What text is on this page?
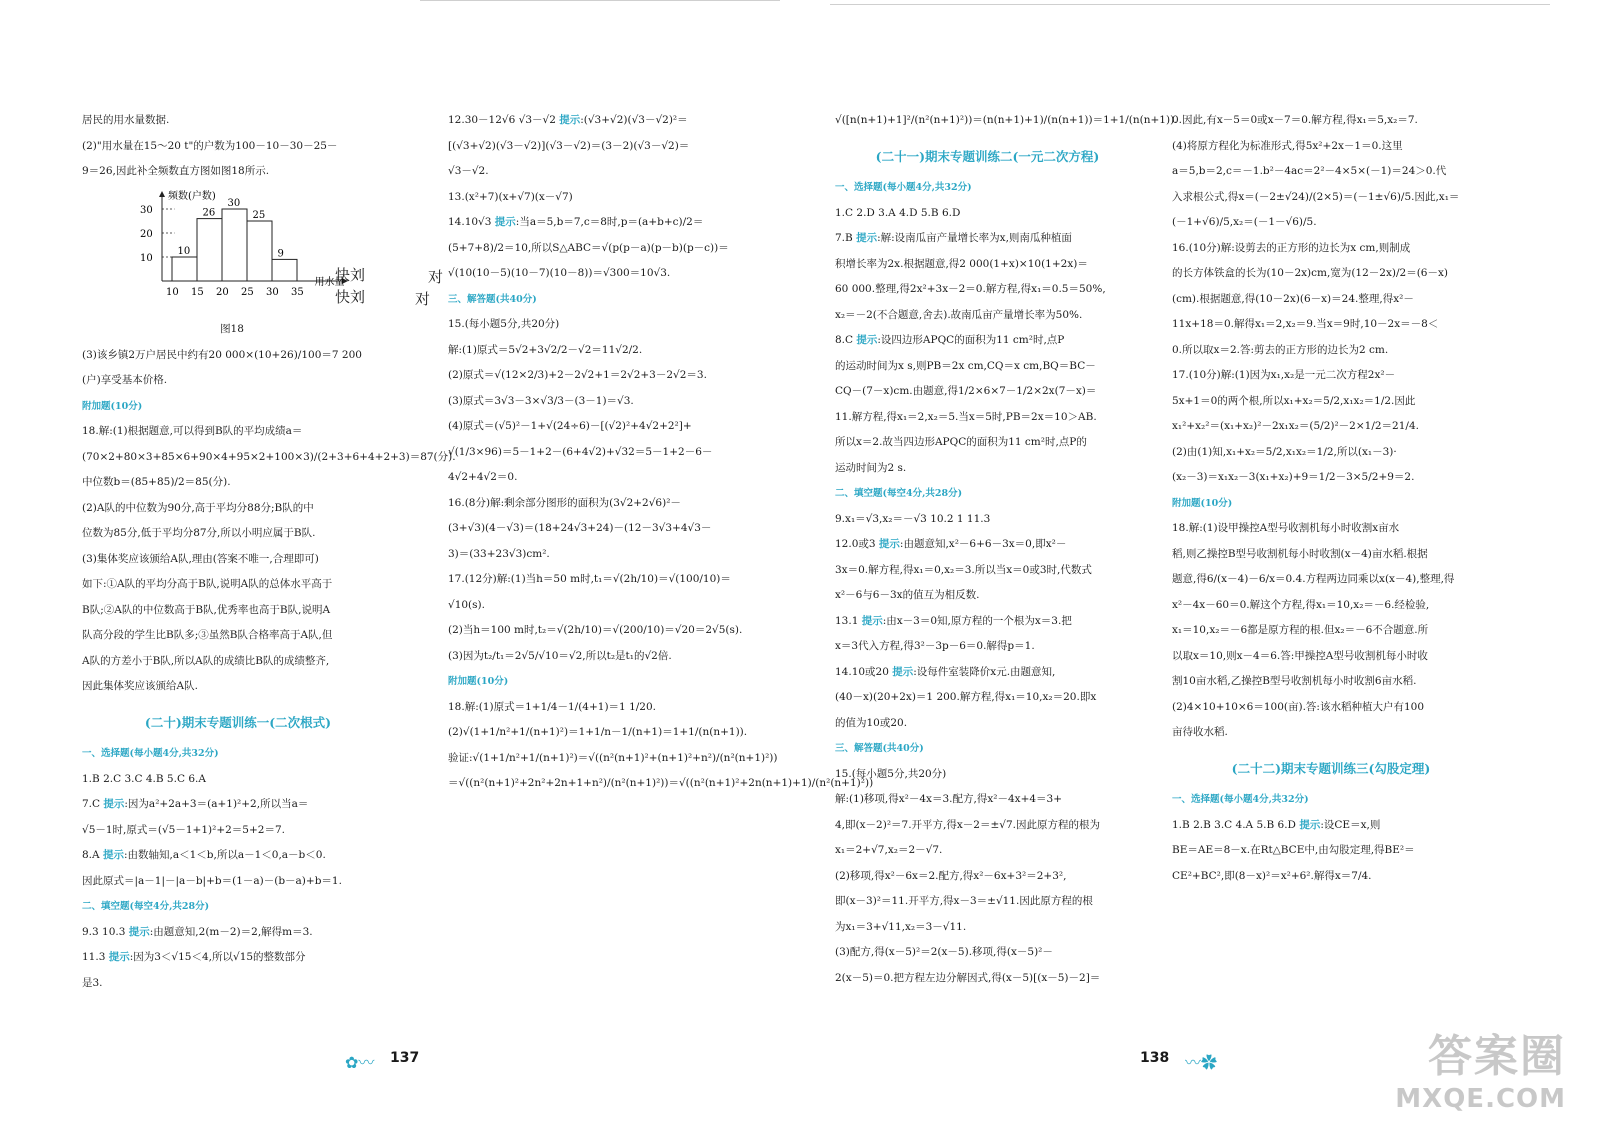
居民的用水量数据.
(2)"用水量在15～20 t"的户数为100－10－30－25－
9＝26,因此补全频数直方图如图18所示.
频数(户数)
用水量
10
20
30
10 15 20 25 30 35
10
26
30
25
9
图18
(3)该乡镇2万户居民中约有20 000×(10+26)/100＝7 200
(户)享受基本价格.
附加题(10分)
18.解:(1)根据题意,可以得到B队的平均成绩a＝
(70×2+80×3+85×6+90×4+95×2+100×3)/(2+3+6+4+2+3)＝87(分).
中位数b＝(85+85)/2＝85(分).
(2)A队的中位数为90分,高于平均分88分;B队的中
位数为85分,低于平均分87分,所以小明应属于B队.
(3)集体奖应该颁给A队,理由(答案不唯一,合理即可)
如下:①A队的平均分高于B队,说明A队的总体水平高于
B队;②A队的中位数高于B队,优秀率也高于B队,说明A
队高分段的学生比B队多;③虽然B队合格率高于A队,但
A队的方差小于B队,所以A队的成绩比B队的成绩整齐,
因此集体奖应该颁给A队.
(二十)期末专题训练一(二次根式)
一、选择题(每小题4分,共32分)
1.B 2.C 3.C 4.B 5.C 6.A
7.C 提示:因为a²+2a+3＝(a+1)²+2,所以当a＝
√5－1时,原式＝(√5－1+1)²+2＝5+2＝7.
8.A 提示:由数轴知,a＜1＜b,所以a－1＜0,a－b＜0.
因此原式＝|a－1|－|a－b|+b＝(1－a)－(b－a)+b＝1.
二、填空题(每空4分,共28分)
9.3 10.3 提示:由题意知,2(m－2)＝2,解得m＝3.
11.3 提示:因为3＜√15＜4,所以√15的整数部分
是3.
12.30－12√6 √3－√2 提示:(√3+√2)(√3－√2)²＝
[(√3+√2)(√3－√2)](√3－√2)＝(3－2)(√3－√2)＝
√3－√2.
13.(x²+7)(x+√7)(x－√7)
14.10√3 提示:当a＝5,b＝7,c＝8时,p＝(a+b+c)/2＝
(5+7+8)/2＝10,所以S△ABC＝√(p(p－a)(p－b)(p－c))＝
√(10(10－5)(10－7)(10－8))＝√300＝10√3.
三、解答题(共40分)
15.(每小题5分,共20分)
解:(1)原式＝5√2+3√2/2－√2＝11√2/2.
(2)原式＝√(12×2/3)+2－2√2+1＝2√2+3－2√2＝3.
(3)原式＝3√3－3×√3/3－(3－1)＝√3.
(4)原式＝(√5)²－1+√(24÷6)－[(√2)²+4√2+2²]+
√(1/3×96)＝5－1+2－(6+4√2)+√32＝5－1+2－6－
4√2+4√2＝0.
16.(8分)解:剩余部分图形的面积为(3√2+2√6)²－
(3+√3)(4－√3)＝(18+24√3+24)－(12－3√3+4√3－
3)＝(33+23√3)cm².
17.(12分)解:(1)当h＝50 m时,t₁＝√(2h/10)＝√(100/10)＝
√10(s).
(2)当h＝100 m时,t₂＝√(2h/10)＝√(200/10)＝√20＝2√5(s).
(3)因为t₂/t₁＝2√5/√10＝√2,所以t₂是t₁的√2倍.
附加题(10分)
18.解:(1)原式＝1+1/4－1/(4+1)＝1 1/20.
(2)√(1+1/n²+1/(n+1)²)＝1+1/n－1/(n+1)＝1+1/(n(n+1)).
验证:√(1+1/n²+1/(n+1)²)＝√((n²(n+1)²+(n+1)²+n²)/(n²(n+1)²))
＝√((n²(n+1)²+2n²+2n+1+n²)/(n²(n+1)²))＝√((n²(n+1)²+2n(n+1)+1)/(n²(n+1)²))
√([n(n+1)+1]²/(n²(n+1)²))＝(n(n+1)+1)/(n(n+1))＝1+1/(n(n+1)).
(二十一)期末专题训练二(一元二次方程)
一、选择题(每小题4分,共32分)
1.C 2.D 3.A 4.D 5.B 6.D
7.B 提示:解:设南瓜亩产量增长率为x,则南瓜种植面
积增长率为2x.根据题意,得2 000(1+x)×10(1+2x)＝
60 000.整理,得2x²+3x－2＝0.解方程,得x₁＝0.5＝50%,
x₂＝－2(不合题意,舍去).故南瓜亩产量增长率为50%.
8.C 提示:设四边形APQC的面积为11 cm²时,点P
的运动时间为x s,则PB＝2x cm,CQ＝x cm,BQ＝BC－
CQ－(7－x)cm.由题意,得1/2×6×7－1/2×2x(7－x)＝
11.解方程,得x₁＝2,x₂＝5.当x＝5时,PB＝2x＝10＞AB.
所以x＝2.故当四边形APQC的面积为11 cm²时,点P的
运动时间为2 s.
二、填空题(每空4分,共28分)
9.x₁＝√3,x₂＝－√3 10.2 1 11.3
12.0或3 提示:由题意知,x²－6+6－3x＝0,即x²－
3x＝0.解方程,得x₁＝0,x₂＝3.所以当x＝0或3时,代数式
x²－6与6－3x的值互为相反数.
13.1 提示:由x－3＝0知,原方程的一个根为x＝3.把
x＝3代入方程,得3²－3p－6＝0.解得p＝1.
14.10或20 提示:设每件室装降价x元.由题意知,
(40－x)(20+2x)＝1 200.解方程,得x₁＝10,x₂＝20.即x
的值为10或20.
三、解答题(共40分)
15.(每小题5分,共20分)
解:(1)移项,得x²－4x＝3.配方,得x²－4x+4＝3+
4,即(x－2)²＝7.开平方,得x－2＝±√7.因此原方程的根为
x₁＝2+√7,x₂＝2－√7.
(2)移项,得x²－6x＝2.配方,得x²－6x+3²＝2+3²,
即(x－3)²＝11.开平方,得x－3＝±√11.因此原方程的根
为x₁＝3+√11,x₂＝3－√11.
(3)配方,得(x－5)²＝2(x－5).移项,得(x－5)²－
2(x－5)＝0.把方程左边分解因式,得(x－5)[(x－5)－2]＝
0.因此,有x－5＝0或x－7＝0.解方程,得x₁＝5,x₂＝7.
(4)将原方程化为标准形式,得5x²+2x－1＝0.这里
a＝5,b＝2,c＝－1.b²－4ac＝2²－4×5×(－1)＝24＞0.代
入求根公式,得x＝(－2±√24)/(2×5)＝(－1±√6)/5.因此,x₁＝
(－1+√6)/5,x₂＝(－1－√6)/5.
16.(10分)解:设剪去的正方形的边长为x cm,则制成
的长方体铁盒的长为(10－2x)cm,宽为(12－2x)/2＝(6－x)
(cm).根据题意,得(10－2x)(6－x)＝24.整理,得x²－
11x+18＝0.解得x₁＝2,x₂＝9.当x＝9时,10－2x＝－8＜
0.所以取x＝2.答:剪去的正方形的边长为2 cm.
17.(10分)解:(1)因为x₁,x₂是一元二次方程2x²－
5x+1＝0的两个根,所以x₁+x₂＝5/2,x₁x₂＝1/2.因此
x₁²+x₂²＝(x₁+x₂)²－2x₁x₂＝(5/2)²－2×1/2＝21/4.
(2)由(1)知,x₁+x₂＝5/2,x₁x₂＝1/2,所以(x₁－3)·
(x₂－3)＝x₁x₂－3(x₁+x₂)+9＝1/2－3×5/2+9＝2.
附加题(10分)
18.解:(1)设甲操控A型号收割机每小时收割x亩水
稻,则乙操控B型号收割机每小时收割(x－4)亩水稻.根据
题意,得6/(x－4)－6/x＝0.4.方程两边同乘以x(x－4),整理,得
x²－4x－60＝0.解这个方程,得x₁＝10,x₂＝－6.经检验,
x₁＝10,x₂＝－6都是原方程的根.但x₂＝－6不合题意.所
以取x＝10,则x－4＝6.答:甲操控A型号收割机每小时收
割10亩水稻,乙操控B型号收割机每小时收割6亩水稻.
(2)4×10+10×6＝100(亩).答:该水稻种植大户有100
亩待收水稻.
(二十二)期末专题训练三(勾股定理)
一、选择题(每小题4分,共32分)
1.B 2.B 3.C 4.A 5.B 6.D 提示:设CE＝x,则
BE＝AE＝8－x.在Rt△BCE中,由勾股定理,得BE²＝
CE²+BC²,即(8－x)²＝x²+6².解得x＝7/4.
✿〰 137	138 〰✿
快刘
快刘
对
对
答案圈
MXQE.COM
